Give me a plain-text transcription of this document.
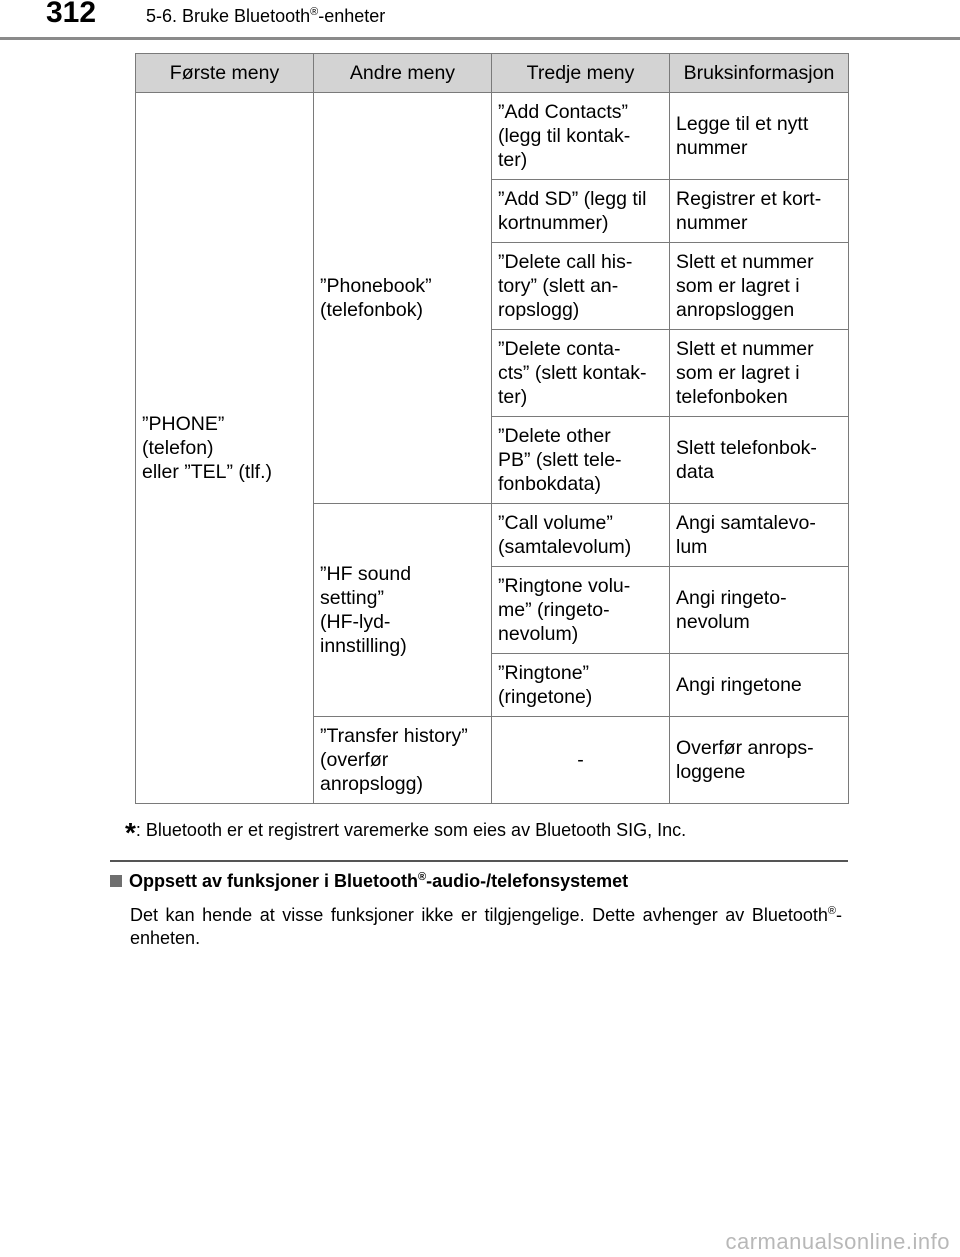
312	5-6. Bruke Bluetooth®-enheter
Første meny	Andre meny	Tredje meny	Bruksinformasjon
”PHONE”
(telefon)
eller ”TEL” (tlf.)	”Phonebook”
(telefonbok)	”Add Contacts”
(legg til kontak-
ter)	Legge til et nytt
nummer
		”Add SD” (legg til
kortnummer)	Registrer et kort-
nummer
		”Delete call his-
tory” (slett an-
ropslogg)	Slett et nummer
som er lagret i
anropsloggen
		”Delete conta-
cts” (slett kontak-
ter)	Slett et nummer
som er lagret i
telefonboken
		”Delete other
PB” (slett tele-
fonbokdata)	Slett telefonbok-
data
	”HF sound
setting”
(HF-lyd-
innstilling)	”Call volume”
(samtalevolum)	Angi samtalevo-
lum
		”Ringtone volu-
me” (ringeto-
nevolum)	Angi ringeto-
nevolum
		”Ringtone”
(ringetone)	Angi ringetone
	”Transfer history”
(overfør
anropslogg)	-	Overfør anrops-
loggene
*: Bluetooth er et registrert varemerke som eies av Bluetooth SIG, Inc.
Oppsett av funksjoner i Bluetooth®-audio-/telefonsystemet
Det kan hende at visse funksjoner ikke er tilgjengelige. Dette avhenger av Bluetooth®-enheten.
carmanualsonline.info
